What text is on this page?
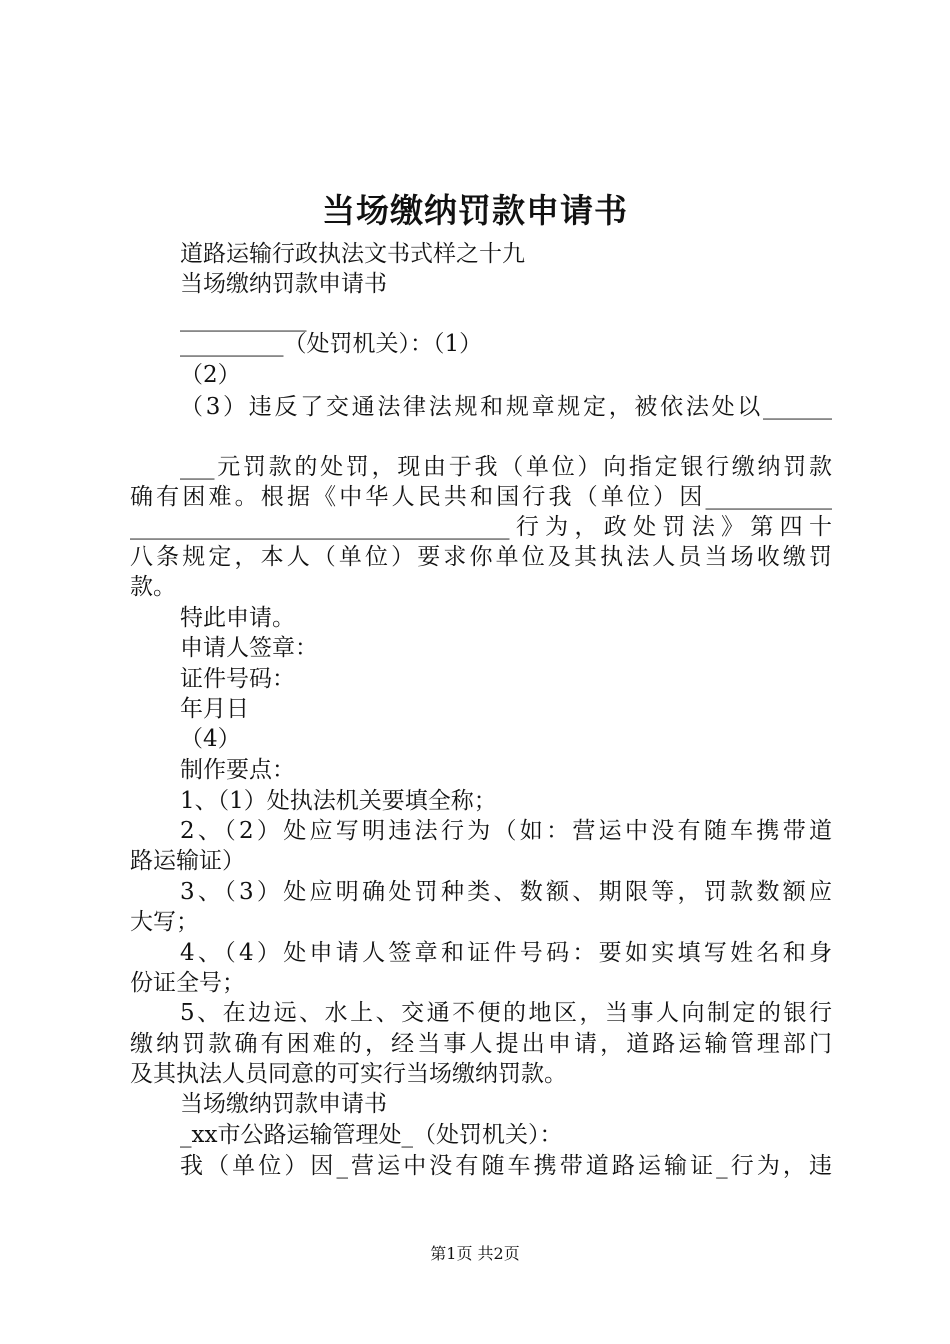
当场缴纳罚款申请书
道路运输行政执法文书式样之十九
当场缴纳罚款申请书
___________
_________（处罚机关）：（1）
（2）
（3）违反了交通法律法规和规章规定，被依法处以______
___元罚款的处罚，现由于我（单位）向指定银行缴纳罚款
确有困难。根据《中华人民共和国行我（单位）因___________
_________________________________行为，政处罚法》第四十
八条规定，本人（单位）要求你单位及其执法人员当场收缴罚
款。
特此申请。
申请人签章：
证件号码：
年月日
（4）
制作要点：
1、（1）处执法机关要填全称；
2、（2）处应写明违法行为（如：营运中没有随车携带道
路运输证）
3、（3）处应明确处罚种类、数额、期限等，罚款数额应
大写；
4、（4）处申请人签章和证件号码：要如实填写姓名和身
份证全号；
5、在边远、水上、交通不便的地区，当事人向制定的银行
缴纳罚款确有困难的，经当事人提出申请，道路运输管理部门
及其执法人员同意的可实行当场缴纳罚款。
当场缴纳罚款申请书
_xx市公路运输管理处_（处罚机关）：
我（单位）因_营运中没有随车携带道路运输证_行为，违
第1页 共2页
